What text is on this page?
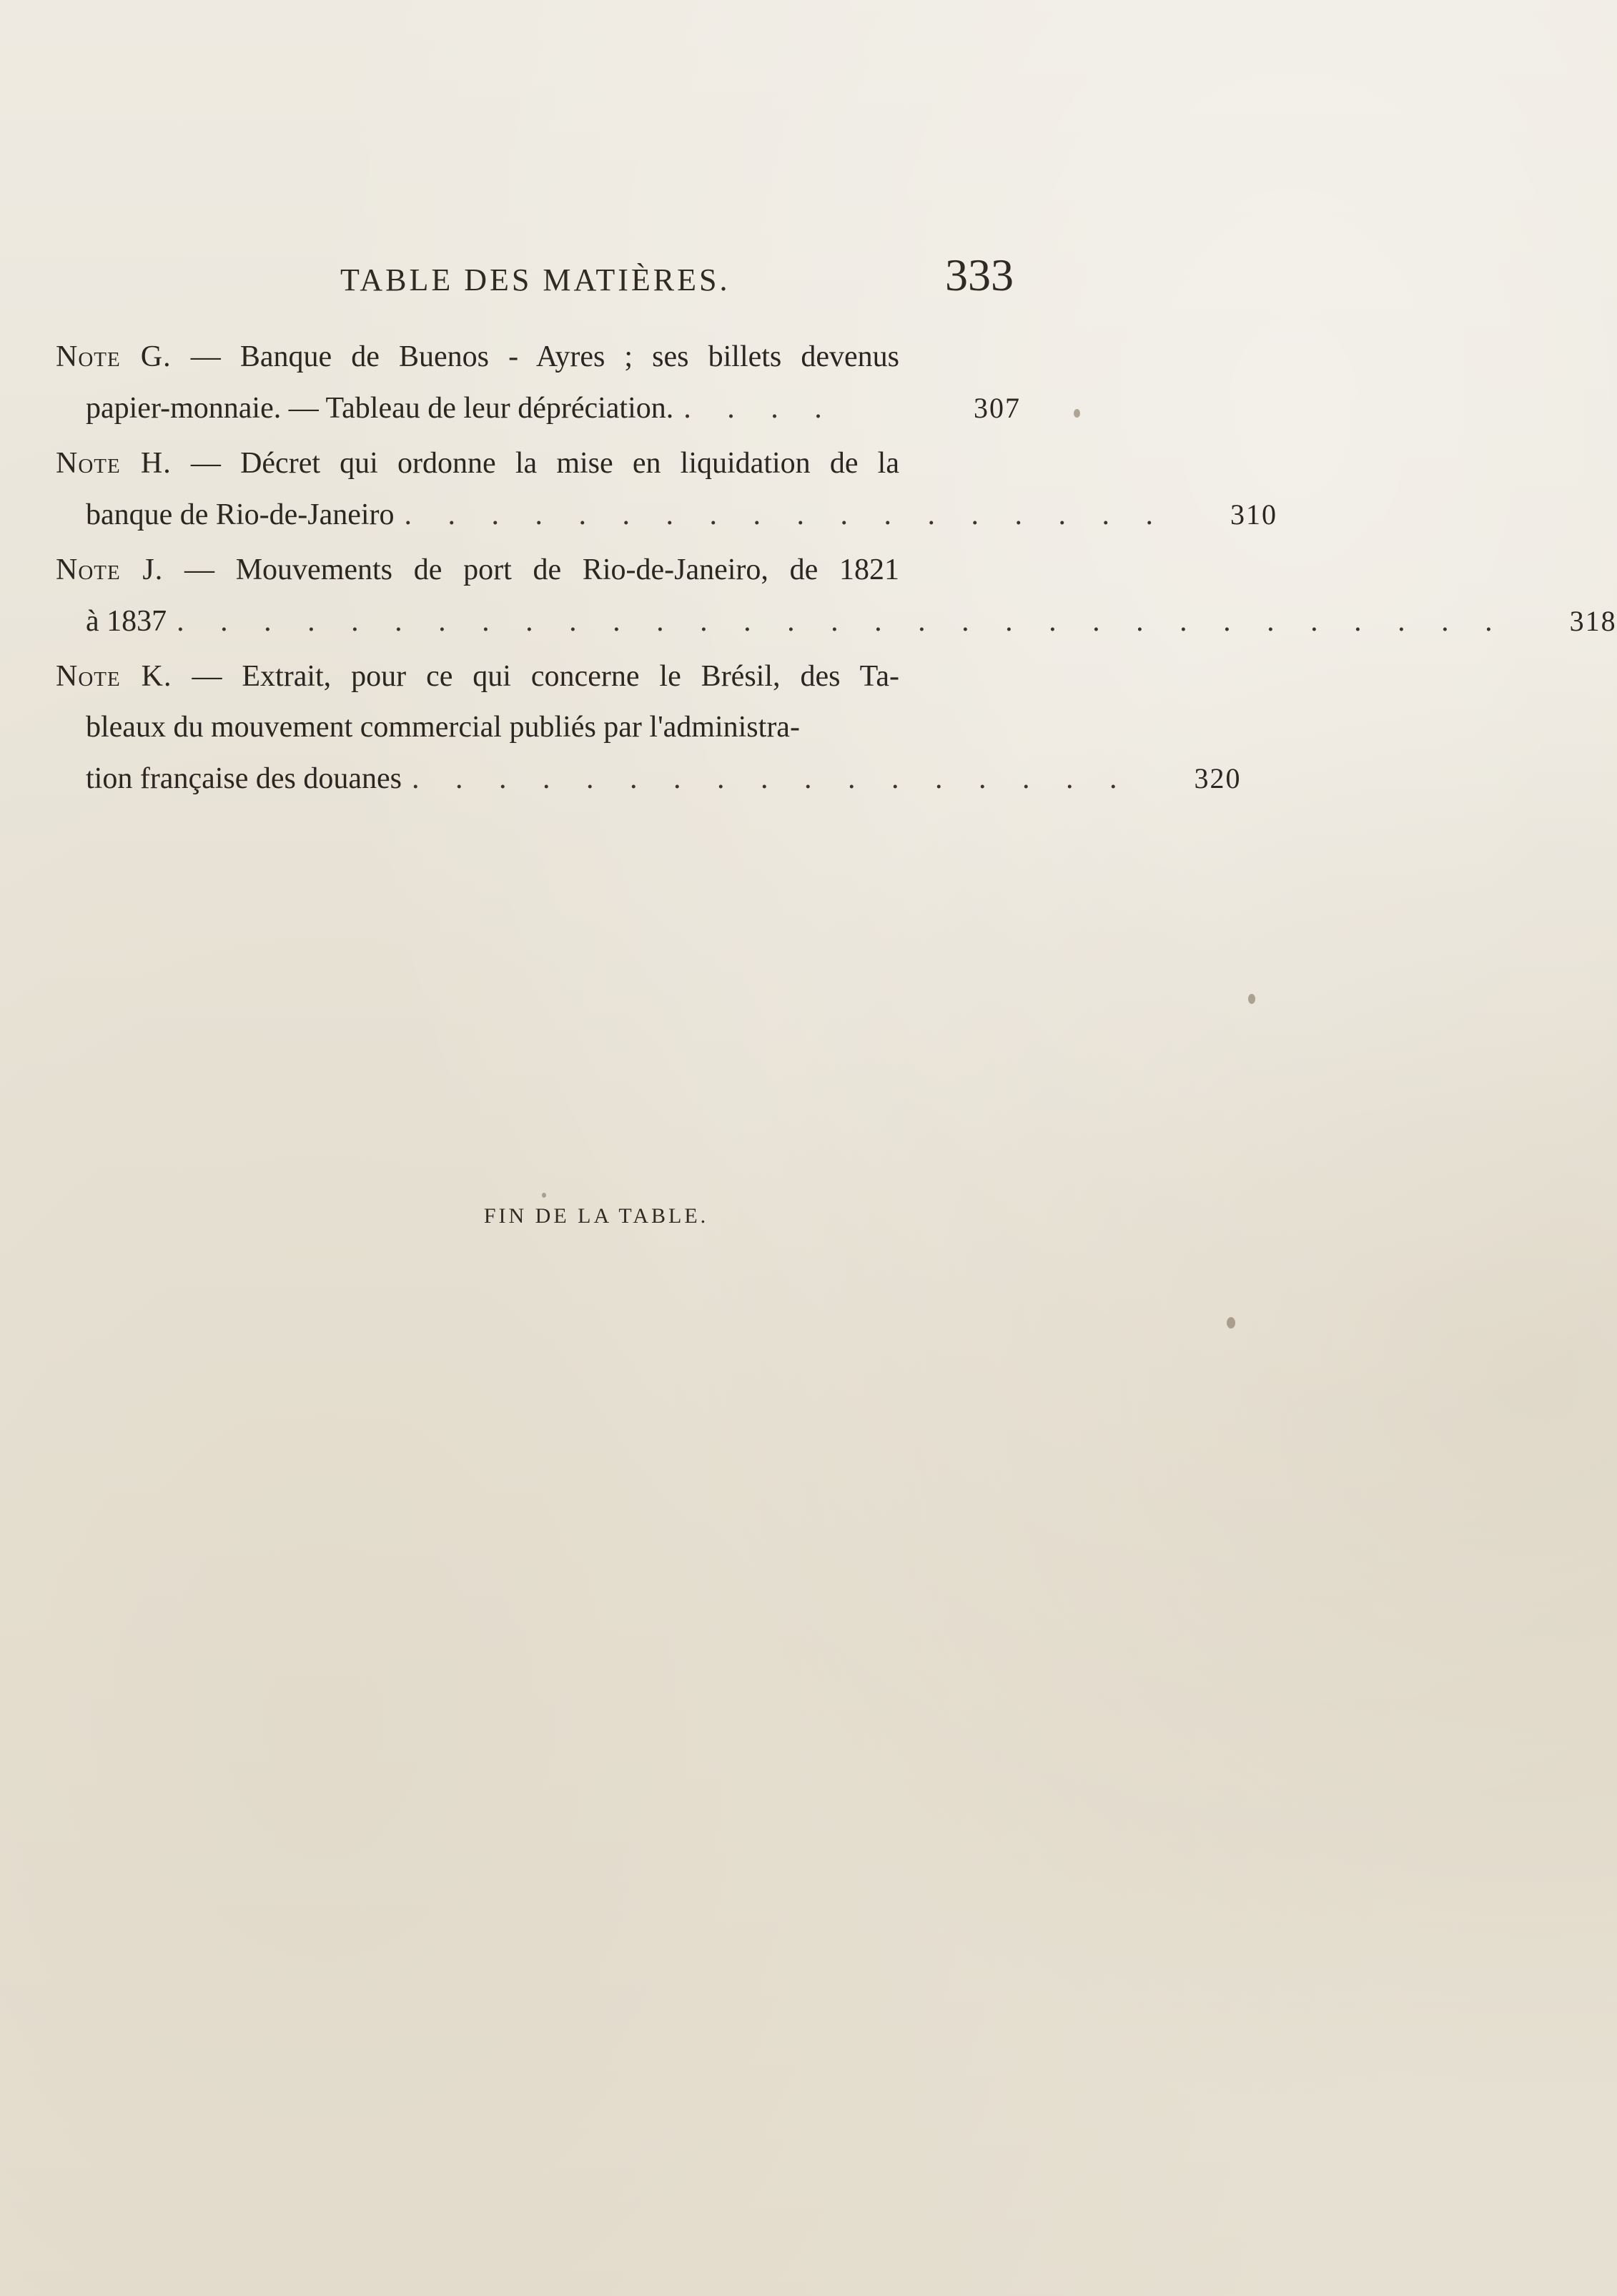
TABLE DES MATIÈRES.	333
Note G. — Banque de Buenos - Ayres ; ses billets devenus
papier-monnaie. — Tableau de leur dépréciation. . . . .	307
Note H. — Décret qui ordonne la mise en liquidation de la
banque de Rio-de-Janeiro . . . . . . . . . . . . . . . . . .	310
Note J. — Mouvements de port de Rio-de-Janeiro, de 1821
à 1837 . . . . . . . . . . . . . . . . . . . . . . . . . . . . . . .	318
Note K. — Extrait, pour ce qui concerne le Brésil, des Ta-
bleaux du mouvement commercial publiés par l'administra-
tion française des douanes . . . . . . . . . . . . . . . . .	320
FIN DE LA TABLE.
